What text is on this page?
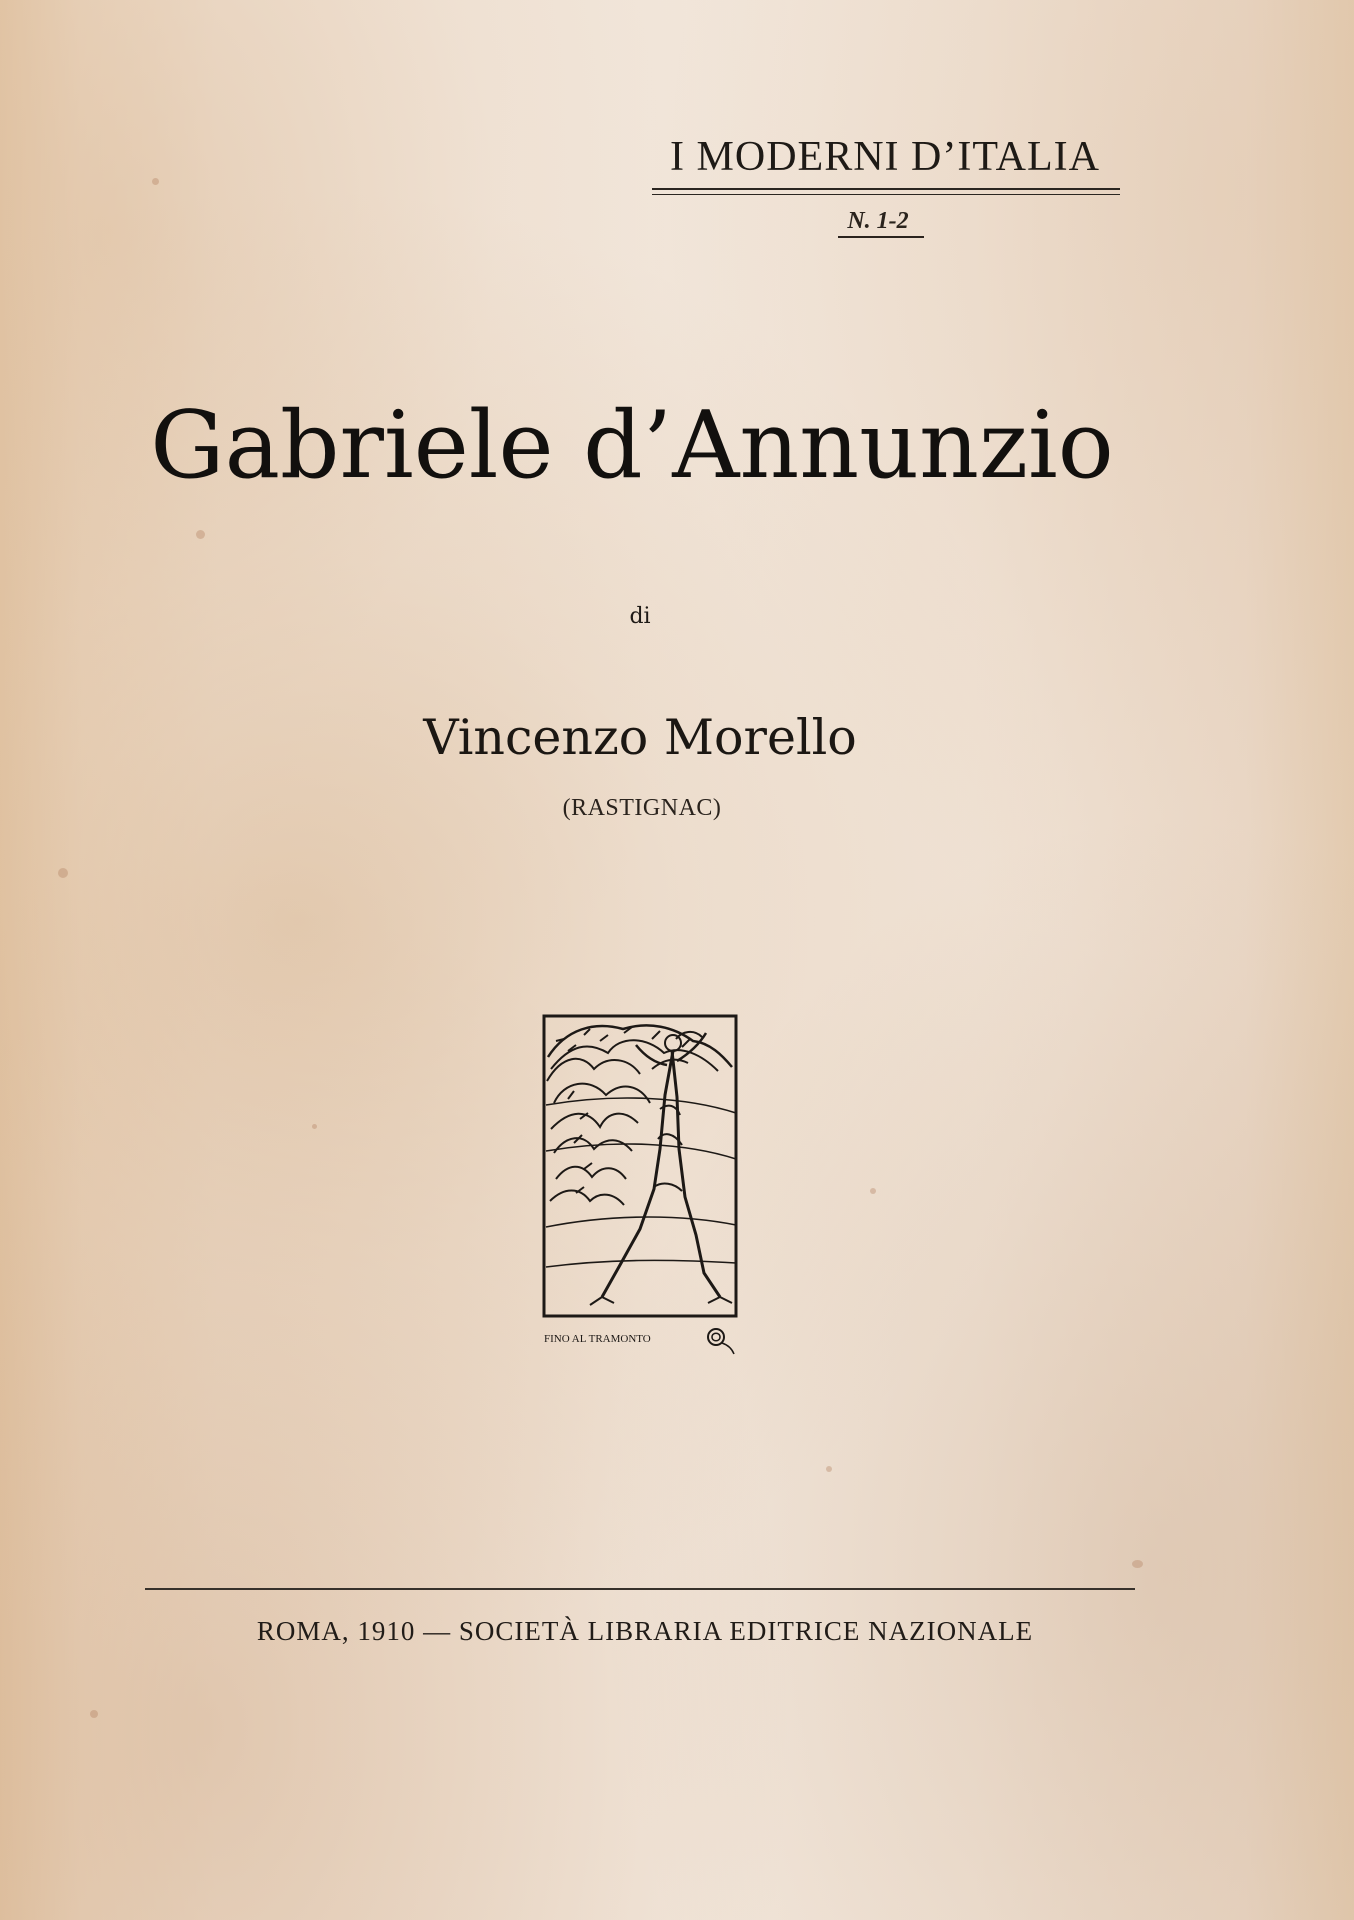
I MODERNI D’ITALIA
N. 1-2
Gabriele d’Annunzio
di
Vincenzo Morello
(RASTIGNAC)
FINO AL TRAMONTO
ROMA, 1910 — SOCIETÀ LIBRARIA EDITRICE NAZIONALE
